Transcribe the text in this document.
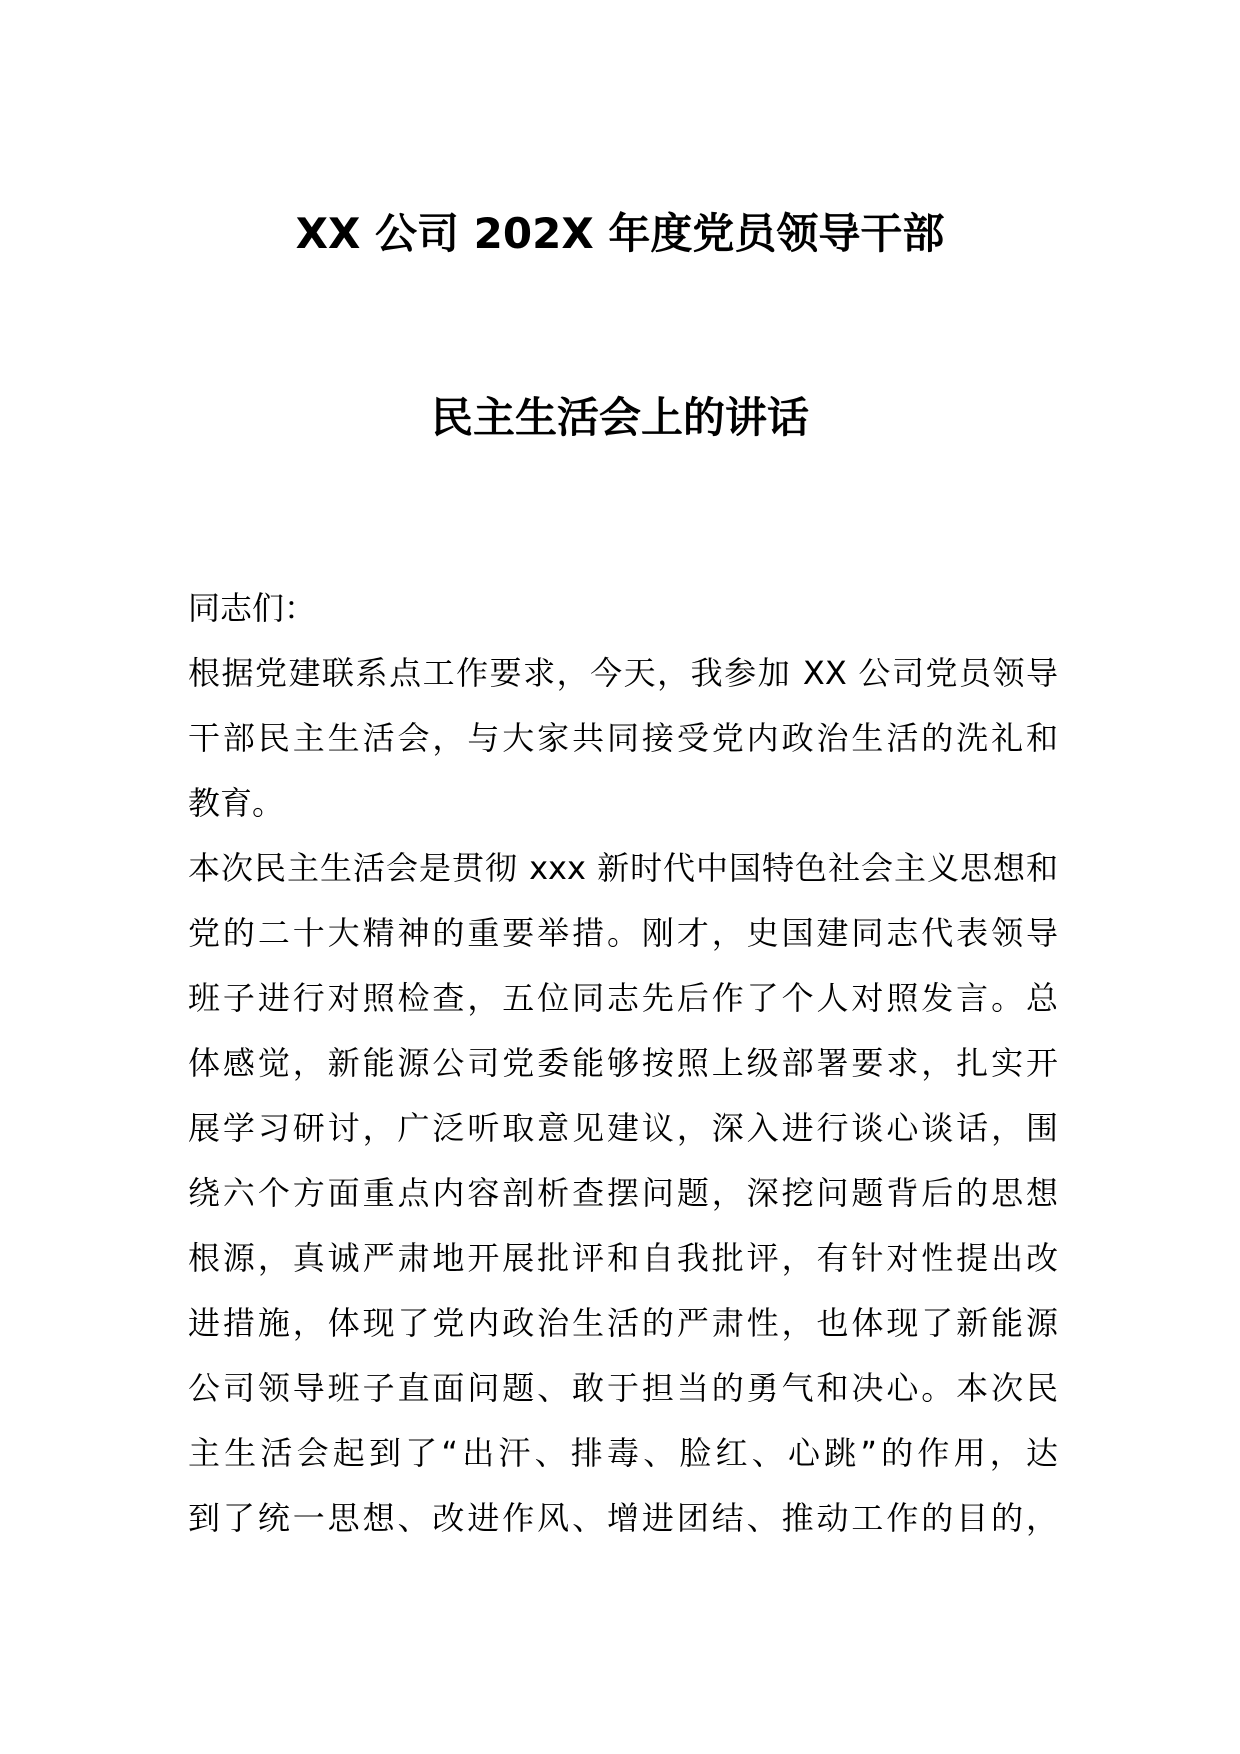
XX 公司 202X 年度党员领导干部
民主生活会上的讲话
同志们：
根据党建联系点工作要求，今天，我参加 XX 公司党员领导
干部民主生活会，与大家共同接受党内政治生活的洗礼和
教育。
本次民主生活会是贯彻 xxx 新时代中国特色社会主义思想和
党的二十大精神的重要举措。刚才，史国建同志代表领导
班子进行对照检查，五位同志先后作了个人对照发言。总
体感觉，新能源公司党委能够按照上级部署要求，扎实开
展学习研讨，广泛听取意见建议，深入进行谈心谈话，围
绕六个方面重点内容剖析查摆问题，深挖问题背后的思想
根源，真诚严肃地开展批评和自我批评，有针对性提出改
进措施，体现了党内政治生活的严肃性，也体现了新能源
公司领导班子直面问题、敢于担当的勇气和决心。本次民
主生活会起到了“出汗、排毒、脸红、心跳”的作用，达
到了统一思想、改进作风、增进团结、推动工作的目的，
